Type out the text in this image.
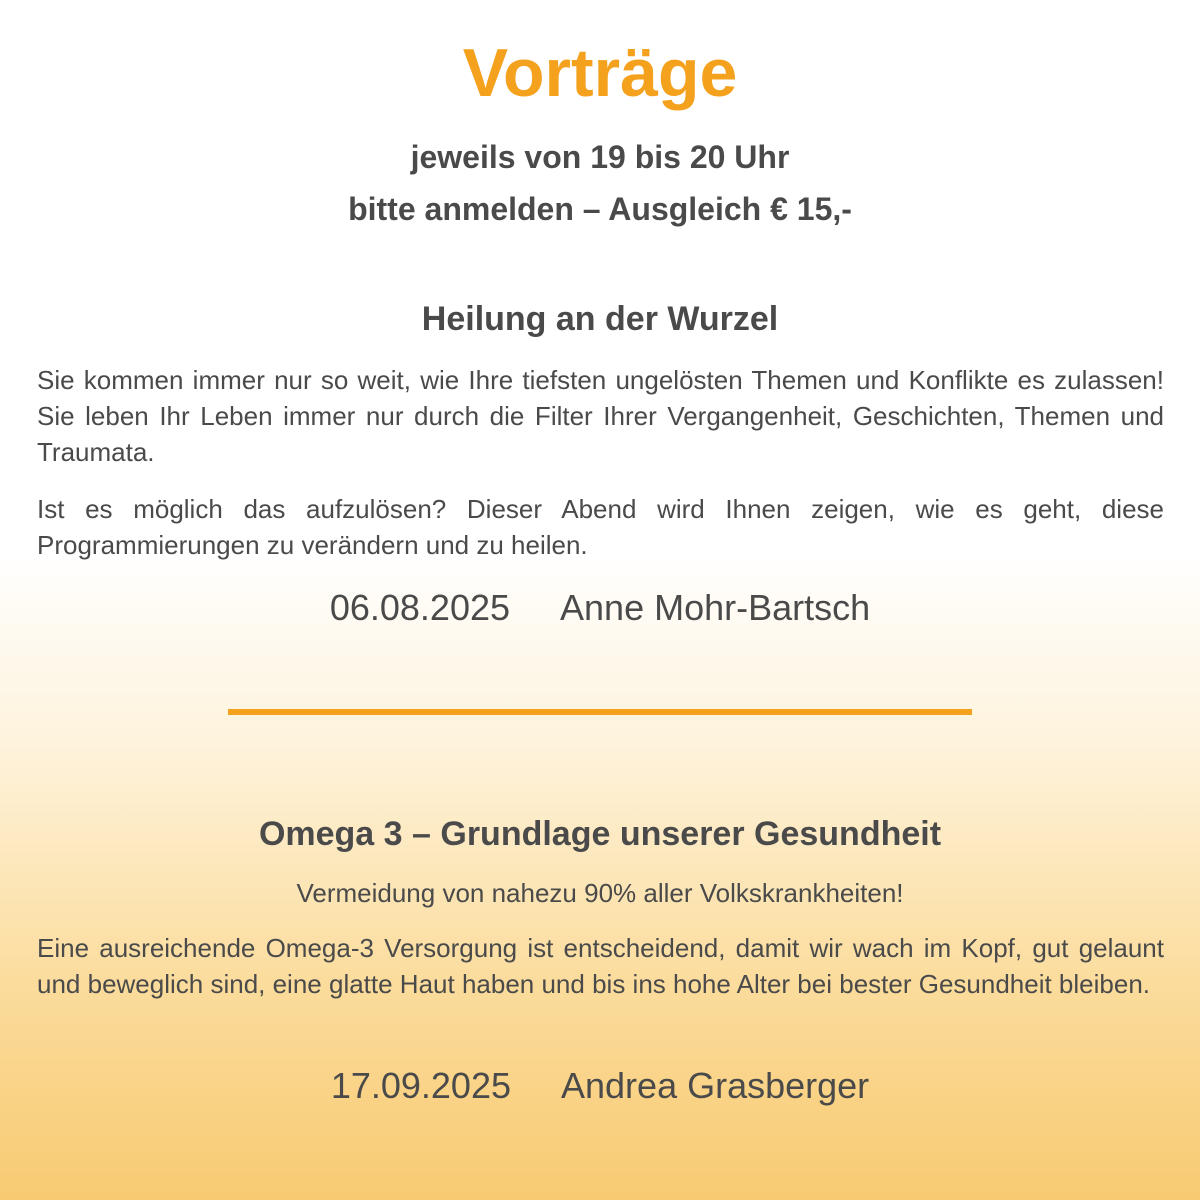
Vorträge
jeweils von 19 bis 20 Uhr
bitte anmelden – Ausgleich € 15,-
Heilung an der Wurzel
Sie kommen immer nur so weit, wie Ihre tiefsten ungelösten Themen und Konflikte es zulassen! Sie leben Ihr Leben immer nur durch die Filter Ihrer Vergangenheit, Geschichten, Themen und Traumata.
Ist es möglich das aufzulösen? Dieser Abend wird Ihnen zeigen, wie es geht, diese Programmierungen zu verändern und zu heilen.
06.08.2025 Anne Mohr-Bartsch
Omega 3 – Grundlage unserer Gesundheit
Vermeidung von nahezu 90% aller Volkskrankheiten!
Eine ausreichende Omega-3 Versorgung ist entscheidend, damit wir wach im Kopf, gut gelaunt und beweglich sind, eine glatte Haut haben und bis ins hohe Alter bei bester Gesundheit bleiben.
17.09.2025 Andrea Grasberger
